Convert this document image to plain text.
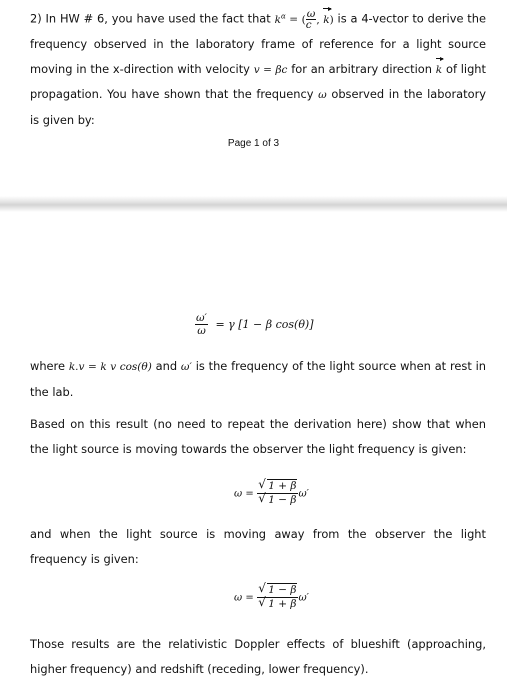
2) In HW # 6, you have used the fact that $k^\alpha$ = ( $\frac{\omega}{c}$ , k) is a 4-vector to derive the frequency observed in the laboratory frame of reference for a light source moving in the x-direction with velocity v = βc for an arbitrary direction k of light propagation. You have shown that the frequency ω observed in the laboratory is given by:

Page 1 of 3
$\frac{\omega'}{\omega} = \gamma$ [1 − β cos(θ)]

where k.v = k v cos(θ) and ω′ is the frequency of the light source when at rest in the lab.

Based on this result (no need to repeat the derivation here) show that when the light source is moving towards the observer the light frequency is given:

ω = √ 1 + β
√ 1 − β ω′

and when the light source is moving away from the observer the light frequency is given:

ω = √ 1 − β
√ 1 + β ω′

Those results are the relativistic Doppler effects of blueshift (approaching, higher frequency) and redshift (receding, lower frequency).
